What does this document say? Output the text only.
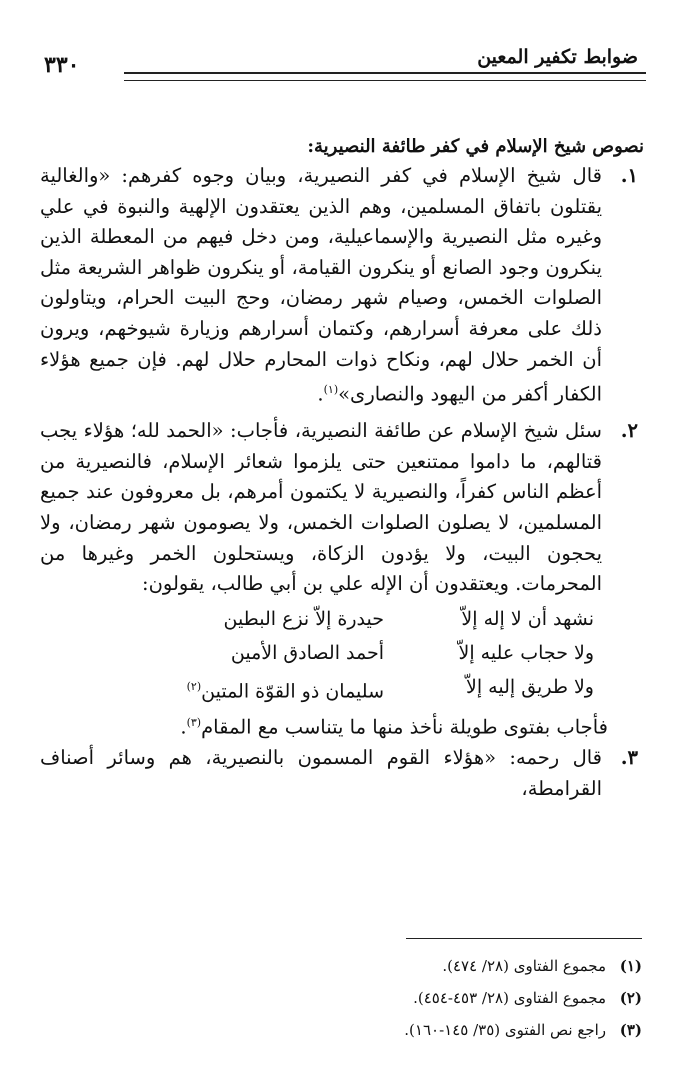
ضوابط تكفير المعين
٣٣٠
نصوص شيخ الإسلام في كفر طائفة النصيرية:
١.
قال شيخ الإسلام في كفر النصيرية، وبيان وجوه كفرهم: «والغالية يقتلون باتفاق المسلمين، وهم الذين يعتقدون الإلهية والنبوة في علي وغيره مثل النصيرية والإسماعيلية، ومن دخل فيهم من المعطلة الذين ينكرون وجود الصانع أو ينكرون القيامة، أو ينكرون ظواهر الشريعة مثل الصلوات الخمس، وصيام شهر رمضان، وحج البيت الحرام، ويتاولون ذلك على معرفة أسرارهم، وكتمان أسرارهم وزيارة شيوخهم، ويرون أن الخمر حلال لهم، ونكاح ذوات المحارم حلال لهم. فإن جميع هؤلاء الكفار أكفر من اليهود والنصارى»$^{(١)}$.
٢.
سئل شيخ الإسلام عن طائفة النصيرية، فأجاب: «الحمد لله؛ هؤلاء يجب قتالهم، ما داموا ممتنعين حتى يلزموا شعائر الإسلام، فالنصيرية من أعظم الناس كفراً، والنصيرية لا يكتمون أمرهم، بل معروفون عند جميع المسلمين، لا يصلون الصلوات الخمس، ولا يصومون شهر رمضان، ولا يحجون البيت، ولا يؤدون الزكاة، ويستحلون الخمر وغيرها من المحرمات. ويعتقدون أن الإله علي بن أبي طالب، يقولون:
نشهد أن لا إله إلاّ
حيدرة إلاّ نزع البطين
ولا حجاب عليه إلاّ
أحمد الصادق الأمين
ولا طريق إليه إلاّ
سليمان ذو القوّة المتين$^{(٢)}$
فأجاب بفتوى طويلة نأخذ منها ما يتناسب مع المقام$^{(٣)}$.
٣.
قال رحمه: «هؤلاء القوم المسمون بالنصيرية، هم وسائر أصناف القرامطة،
(١)
مجموع الفتاوى (٢٨/ ٤٧٤).
(٢)
مجموع الفتاوى (٢٨/ ٤٥٣-٤٥٤).
(٣)
راجع نص الفتوى (٣٥/ ١٤٥-١٦٠).
